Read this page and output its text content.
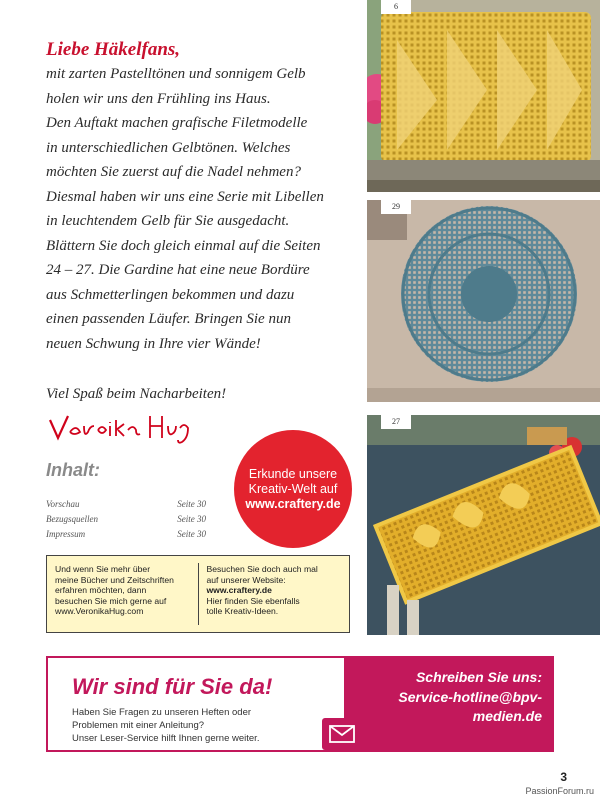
Liebe Häkelfans,
mit zarten Pastelltönen und sonnigem Gelb
holen wir uns den Frühling ins Haus.
Den Auftakt machen grafische Filetmodelle
in unterschiedlichen Gelbtönen. Welches
möchten Sie zuerst auf die Nadel nehmen?
Diesmal haben wir uns eine Serie mit Libellen
in leuchtendem Gelb für Sie ausgedacht.
Blättern Sie doch gleich einmal auf die Seiten
24 – 27. Die Gardine hat eine neue Bordüre
aus Schmetterlingen bekommen und dazu
einen passenden Läufer. Bringen Sie nun
neuen Schwung in Ihre vier Wände!
Viel Spaß beim Nacharbeiten!
Inhalt:
Vorschau	Seite 30
Bezugsquellen	Seite 30
Impressum	Seite 30
Erkunde unsere
Kreativ-Welt auf
www.craftery.de
Und wenn Sie mehr über
meine Bücher und Zeitschriften
erfahren möchten, dann
besuchen Sie mich gerne auf
www.VeronikaHug.com
Besuchen Sie doch auch mal
auf unserer Website:
www.craftery.de
Hier finden Sie ebenfalls
tolle Kreativ-Ideen.
6
29
27
Wir sind für Sie da!
Haben Sie Fragen zu unseren Heften oder
Problemen mit einer Anleitung?
Unser Leser-Service hilft Ihnen gerne weiter.
Schreiben Sie uns:
Service-hotline@bpv-medien.de
3
PassionForum.ru
